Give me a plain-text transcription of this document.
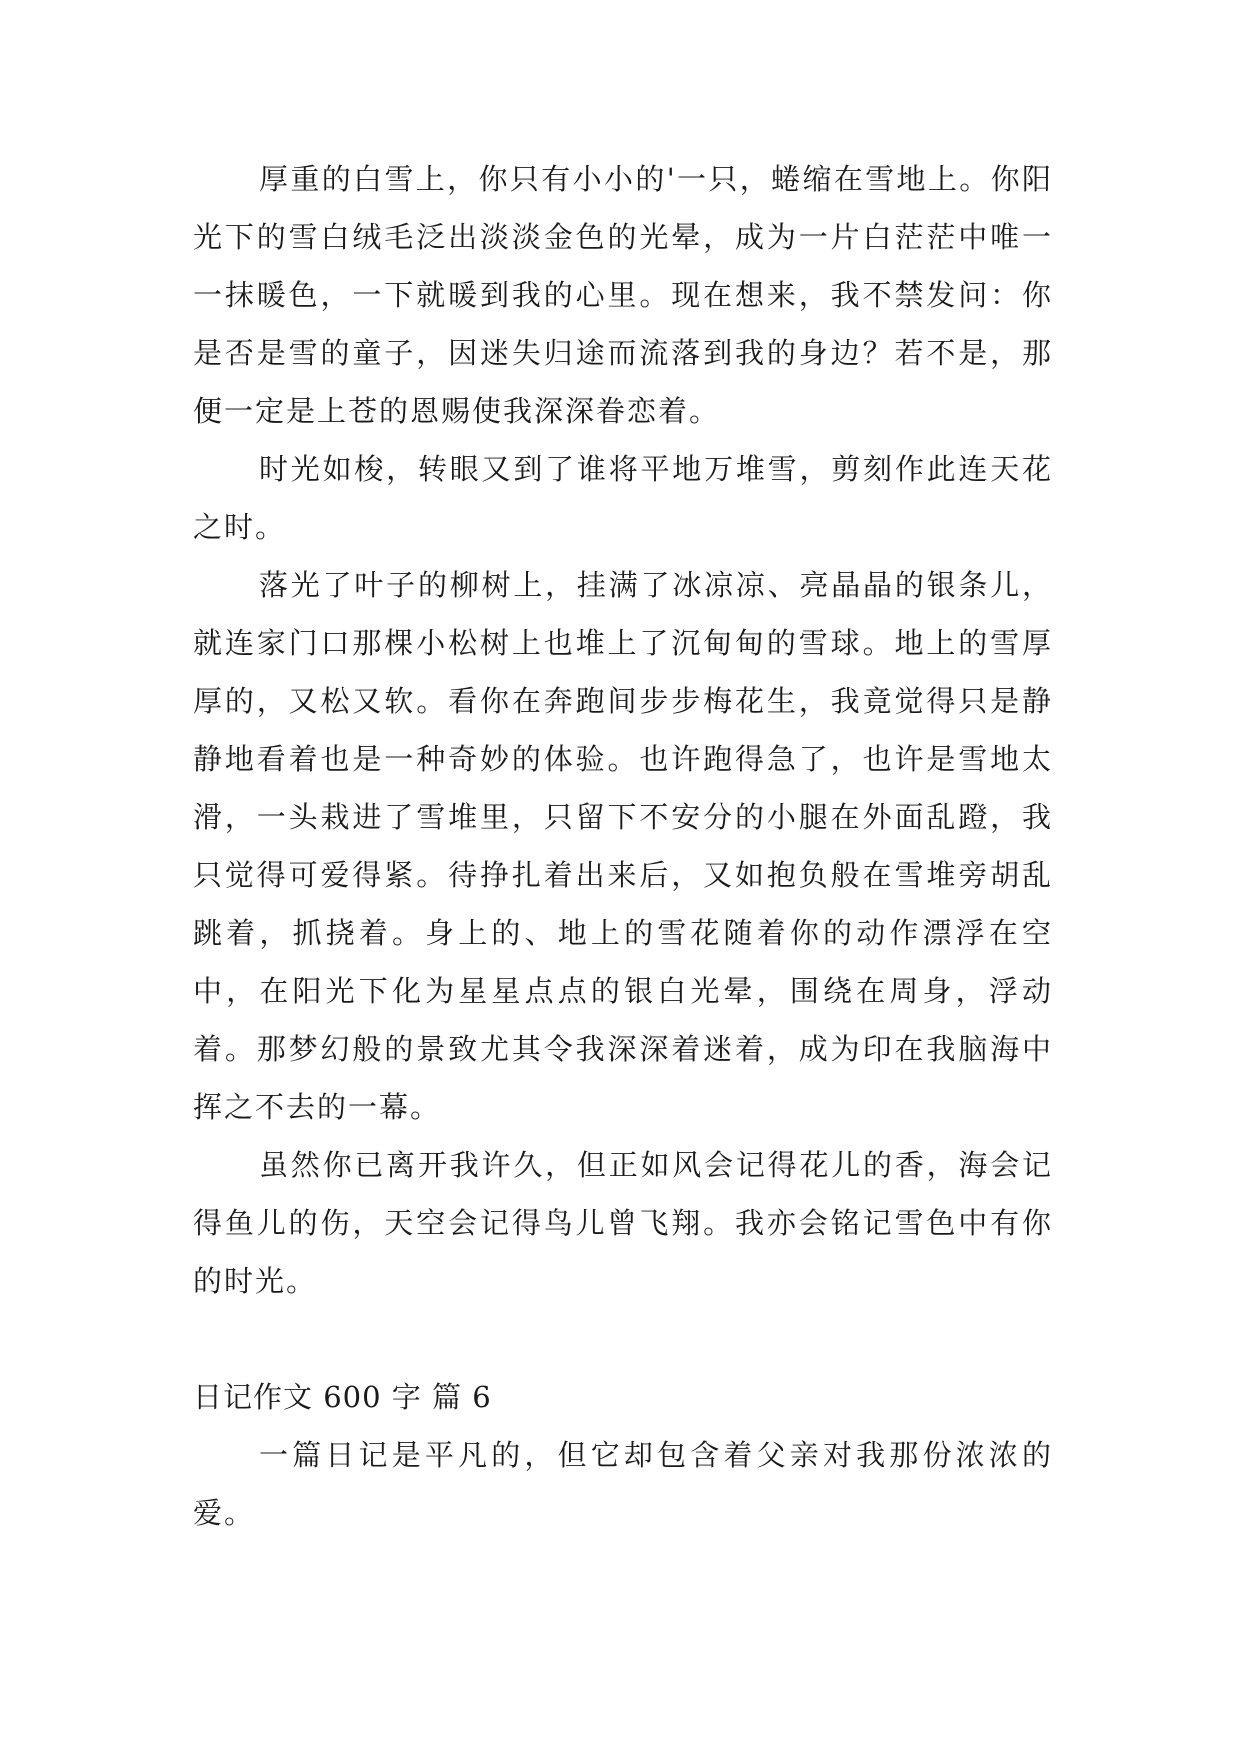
厚重的白雪上，你只有小小的'一只，蜷缩在雪地上。你阳光下的雪白绒毛泛出淡淡金色的光晕，成为一片白茫茫中唯一一抹暖色，一下就暖到我的心里。现在想来，我不禁发问：你是否是雪的童子，因迷失归途而流落到我的身边？若不是，那便一定是上苍的恩赐使我深深眷恋着。

时光如梭，转眼又到了谁将平地万堆雪，剪刻作此连天花之时。

落光了叶子的柳树上，挂满了冰凉凉、亮晶晶的银条儿，就连家门口那棵小松树上也堆上了沉甸甸的雪球。地上的雪厚厚的，又松又软。看你在奔跑间步步梅花生，我竟觉得只是静静地看着也是一种奇妙的体验。也许跑得急了，也许是雪地太滑，一头栽进了雪堆里，只留下不安分的小腿在外面乱蹬，我只觉得可爱得紧。待挣扎着出来后，又如抱负般在雪堆旁胡乱跳着，抓挠着。身上的、地上的雪花随着你的动作漂浮在空中，在阳光下化为星星点点的银白光晕，围绕在周身，浮动着。那梦幻般的景致尤其令我深深着迷着，成为印在我脑海中挥之不去的一幕。

虽然你已离开我许久，但正如风会记得花儿的香，海会记得鱼儿的伤，天空会记得鸟儿曾飞翔。我亦会铭记雪色中有你的时光。

日记作文 600 字 篇 6

一篇日记是平凡的，但它却包含着父亲对我那份浓浓的爱。
